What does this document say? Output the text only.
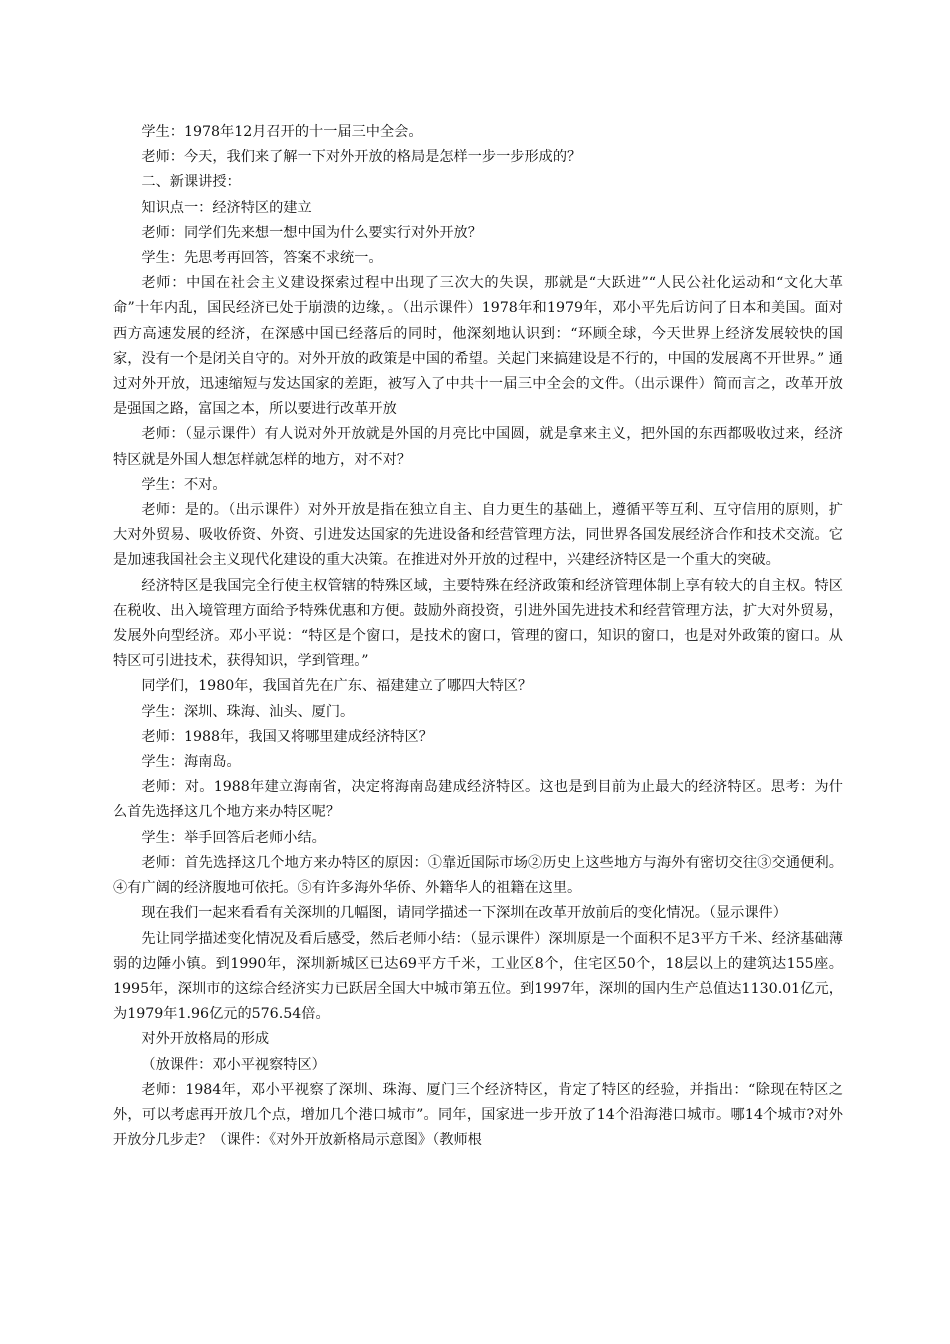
学生：1978年12月召开的十一届三中全会。

老师：今天，我们来了解一下对外开放的格局是怎样一步一步形成的？

二、新课讲授：

知识点一：经济特区的建立

老师：同学们先来想一想中国为什么要实行对外开放？

学生：先思考再回答，答案不求统一。

老师：中国在社会主义建设探索过程中出现了三次大的失误，那就是“大跃进”“人民公社化运动和“文化大革命”十年内乱，国民经济已处于崩溃的边缘，。（出示课件）1978年和1979年，邓小平先后访问了日本和美国。面对西方高速发展的经济，在深感中国已经落后的同时，他深刻地认识到：“环顾全球，今天世界上经济发展较快的国家，没有一个是闭关自守的。对外开放的政策是中国的希望。关起门来搞建设是不行的，中国的发展离不开世界。” 通过对外开放，迅速缩短与发达国家的差距，被写入了中共十一届三中全会的文件。（出示课件）简而言之，改革开放是强国之路，富国之本，所以要进行改革开放

老师：（显示课件）有人说对外开放就是外国的月亮比中国圆，就是拿来主义，把外国的东西都吸收过来，经济特区就是外国人想怎样就怎样的地方，对不对？

学生：不对。

老师：是的。（出示课件）对外开放是指在独立自主、自力更生的基础上，遵循平等互利、互守信用的原则，扩大对外贸易、吸收侨资、外资、引进发达国家的先进设备和经营管理方法，同世界各国发展经济合作和技术交流。它是加速我国社会主义现代化建设的重大决策。在推进对外开放的过程中，兴建经济特区是一个重大的突破。

经济特区是我国完全行使主权管辖的特殊区域，主要特殊在经济政策和经济管理体制上享有较大的自主权。特区在税收、出入境管理方面给予特殊优惠和方便。鼓励外商投资，引进外国先进技术和经营管理方法，扩大对外贸易，发展外向型经济。邓小平说：“特区是个窗口，是技术的窗口，管理的窗口，知识的窗口，也是对外政策的窗口。从特区可引进技术，获得知识，学到管理。”

同学们，1980年，我国首先在广东、福建建立了哪四大特区？

学生：深圳、珠海、汕头、厦门。

老师：1988年，我国又将哪里建成经济特区？

学生：海南岛。

老师：对。1988年建立海南省，决定将海南岛建成经济特区。这也是到目前为止最大的经济特区。思考：为什么首先选择这几个地方来办特区呢？

学生：举手回答后老师小结。

老师：首先选择这几个地方来办特区的原因：①靠近国际市场②历史上这些地方与海外有密切交往③交通便利。④有广阔的经济腹地可依托。⑤有许多海外华侨、外籍华人的祖籍在这里。

现在我们一起来看看有关深圳的几幅图，请同学描述一下深圳在改革开放前后的变化情况。（显示课件）

先让同学描述变化情况及看后感受，然后老师小结：（显示课件）深圳原是一个面积不足3平方千米、经济基础薄弱的边陲小镇。到1990年，深圳新城区已达69平方千米，工业区8个，住宅区50个，18层以上的建筑达155座。1995年，深圳市的这综合经济实力已跃居全国大中城市第五位。到1997年，深圳的国内生产总值达1130.01亿元，为1979年1.96亿元的576.54倍。

对外开放格局的形成

（放课件：邓小平视察特区）

老师：1984年，邓小平视察了深圳、珠海、厦门三个经济特区，肯定了特区的经验，并指出：“除现在特区之外，可以考虑再开放几个点，增加几个港口城市”。同年，国家进一步开放了14个沿海港口城市。哪14个城市?对外开放分几步走？（课件：《对外开放新格局示意图》（教师根
